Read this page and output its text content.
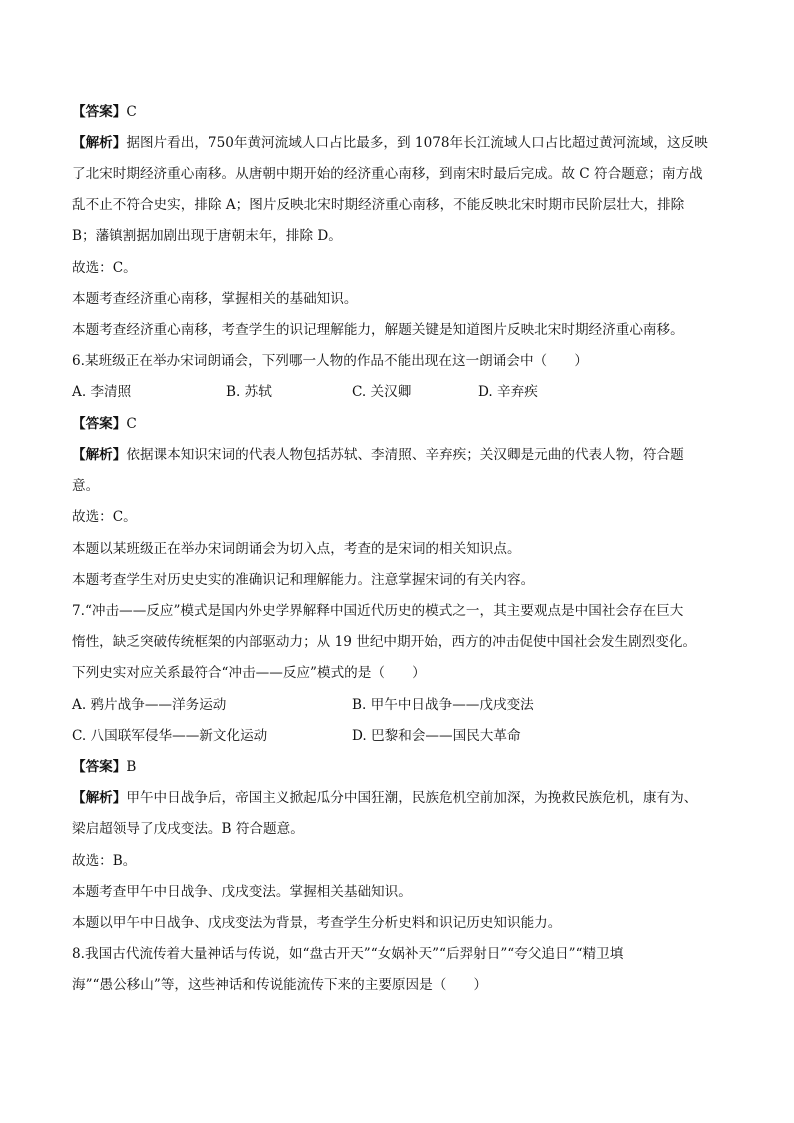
【答案】C
【解析】据图片看出，750年黄河流域人口占比最多，到 1078年长江流域人口占比超过黄河流域，这反映
了北宋时期经济重心南移。从唐朝中期开始的经济重心南移，到南宋时最后完成。故 C 符合题意；南方战
乱不止不符合史实，排除 A；图片反映北宋时期经济重心南移，不能反映北宋时期市民阶层壮大，排除
B；藩镇割据加剧出现于唐朝末年，排除 D。
故选：C。
本题考查经济重心南移，掌握相关的基础知识。
本题考查经济重心南移，考查学生的识记理解能力，解题关键是知道图片反映北宋时期经济重心南移。
6.某班级正在举办宋词朗诵会，下列哪一人物的作品不能出现在这一朗诵会中（　　）
A. 李清照	B. 苏轼	C. 关汉卿	D. 辛弃疾
【答案】C
【解析】依据课本知识宋词的代表人物包括苏轼、李清照、辛弃疾；关汉卿是元曲的代表人物，符合题
意。
故选：C。
本题以某班级正在举办宋词朗诵会为切入点，考查的是宋词的相关知识点。
本题考查学生对历史史实的准确识记和理解能力。注意掌握宋词的有关内容。
7.“冲击——反应”模式是国内外史学界解释中国近代历史的模式之一，其主要观点是中国社会存在巨大
惰性，缺乏突破传统框架的内部驱动力；从 19 世纪中期开始，西方的冲击促使中国社会发生剧烈变化。
下列史实对应关系最符合“冲击——反应”模式的是（　　）
A. 鸦片战争——洋务运动	B. 甲午中日战争——戊戌变法
C. 八国联军侵华——新文化运动	D. 巴黎和会——国民大革命
【答案】B
【解析】甲午中日战争后，帝国主义掀起瓜分中国狂潮，民族危机空前加深，为挽救民族危机，康有为、
梁启超领导了戊戌变法。B 符合题意。
故选：B。
本题考查甲午中日战争、戊戌变法。掌握相关基础知识。
本题以甲午中日战争、戊戌变法为背景，考查学生分析史料和识记历史知识能力。
8.我国古代流传着大量神话与传说，如“盘古开天”“女娲补天”“后羿射日”“夸父追日”“精卫填
海”“愚公移山”等，这些神话和传说能流传下来的主要原因是（　　）
